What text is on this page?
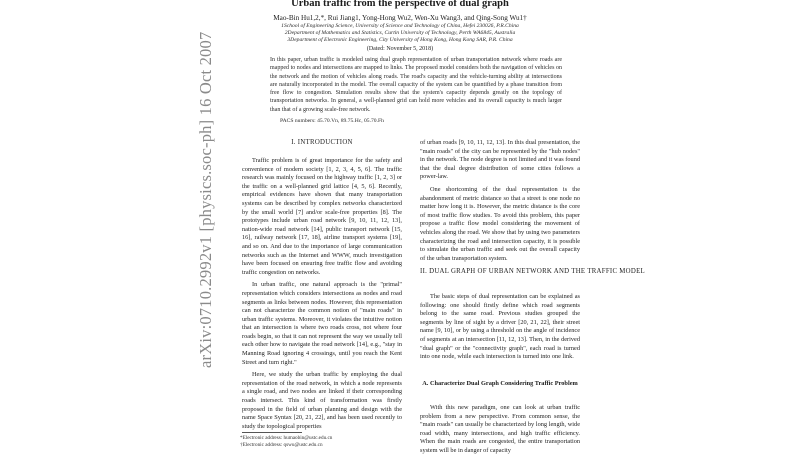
arXiv:0710.2992v1 [physics.soc-ph] 16 Oct 2007
Urban traffic from the perspective of dual graph
Mao-Bin Hu1,2,*, Rui Jiang1, Yong-Hong Wu2, Wen-Xu Wang3, and Qing-Song Wu1†
1School of Engineering Science, University of Science and Technology of China, Hefei 230026, P.R.China
2Department of Mathematics and Statistics, Curtin University of Technology, Perth WA6845, Australia
3Department of Electronic Engineering, City University of Hong Kong, Hong Kong SAR, P.R. China
(Dated: November 5, 2018)
In this paper, urban traffic is modeled using dual graph representation of urban transportation network where roads are mapped to nodes and intersections are mapped to links. The proposed model considers both the navigation of vehicles on the network and the motion of vehicles along roads. The road's capacity and the vehicle-turning ability at intersections are naturally incorporated in the model. The overall capacity of the system can be quantified by a phase transition from free flow to congestion. Simulation results show that the system's capacity depends greatly on the topology of transportation networks. In general, a well-planned grid can hold more vehicles and its overall capacity is much larger than that of a growing scale-free network.
PACS numbers: 45.70.Vn, 89.75.Hc, 05.70.Fh
I. INTRODUCTION

Traffic problem is of great importance for the safety and convenience of modern society [1, 2, 3, 4, 5, 6]. The traffic research was mainly focused on the highway traffic [1, 2, 3] or the traffic on a well-planned grid lattice [4, 5, 6]. Recently, empirical evidences have shown that many transportation systems can be described by complex networks characterized by the small world [7] and/or scale-free properties [8]. The prototypes include urban road network [9, 10, 11, 12, 13], nation-wide road network [14], public transport network [15, 16], railway network [17, 18], airline transport systems [19], and so on. And due to the importance of large communication networks such as the Internet and WWW, much investigation have been focused on ensuring free traffic flow and avoiding traffic congestion on networks.

In urban traffic, one natural approach is the "primal" representation which considers intersections as nodes and road segments as links between nodes. However, this representation can not characterize the common notion of "main roads" in urban traffic systems. Moreover, it violates the intuitive notion that an intersection is where two roads cross, not where four roads begin, so that it can not represent the way we usually tell each other how to navigate the road network [14], e.g., "stay in Manning Road ignoring 4 crossings, until you reach the Kent Street and turn right."

Here, we study the urban traffic by employing the dual representation of the road network, in which a node represents a single road, and two nodes are linked if their corresponding roads intersect. This kind of transformation was firstly proposed in the field of urban planning and design with the name Space Syntax [20, 21, 22], and has been used recently to study the topological properties

of urban roads [9, 10, 11, 12, 13]. In this dual presentation, the "main roads" of the city can be represented by the "hub nodes" in the network. The node degree is not limited and it was found that the dual degree distribution of some cities follows a power-law.

One shortcoming of the dual representation is the abandonment of metric distance so that a street is one node no matter how long it is. However, the metric distance is the core of most traffic flow studies. To avoid this problem, this paper propose a traffic flow model considering the movement of vehicles along the road. We show that by using two parameters characterizing the road and intersection capacity, it is possible to simulate the urban traffic and seek out the overall capacity of the urban transportation system.

II. DUAL GRAPH OF URBAN NETWORK AND THE TRAFFIC MODEL

The basic steps of dual representation can be explained as following: one should firstly define which road segments belong to the same road. Previous studies grouped the segments by line of sight by a driver [20, 21, 22], their street name [9, 10], or by using a threshold on the angle of incidence of segments at an intersection [11, 12, 13]. Then, in the derived "dual graph" or the "connectivity graph", each road is turned into one node, while each intersection is turned into one link.

A. Characterize Dual Graph Considering Traffic Problem

With this new paradigm, one can look at urban traffic problem from a new perspective. From common sense, the "main roads" can usually be characterized by long length, wide road width, many intersections, and high traffic efficiency. When the main roads are congested, the entire transportation system will be in danger of capacity

*Electronic address: humaobin@ustc.edu.cn
†Electronic address: qswu@ustc.edu.cn
